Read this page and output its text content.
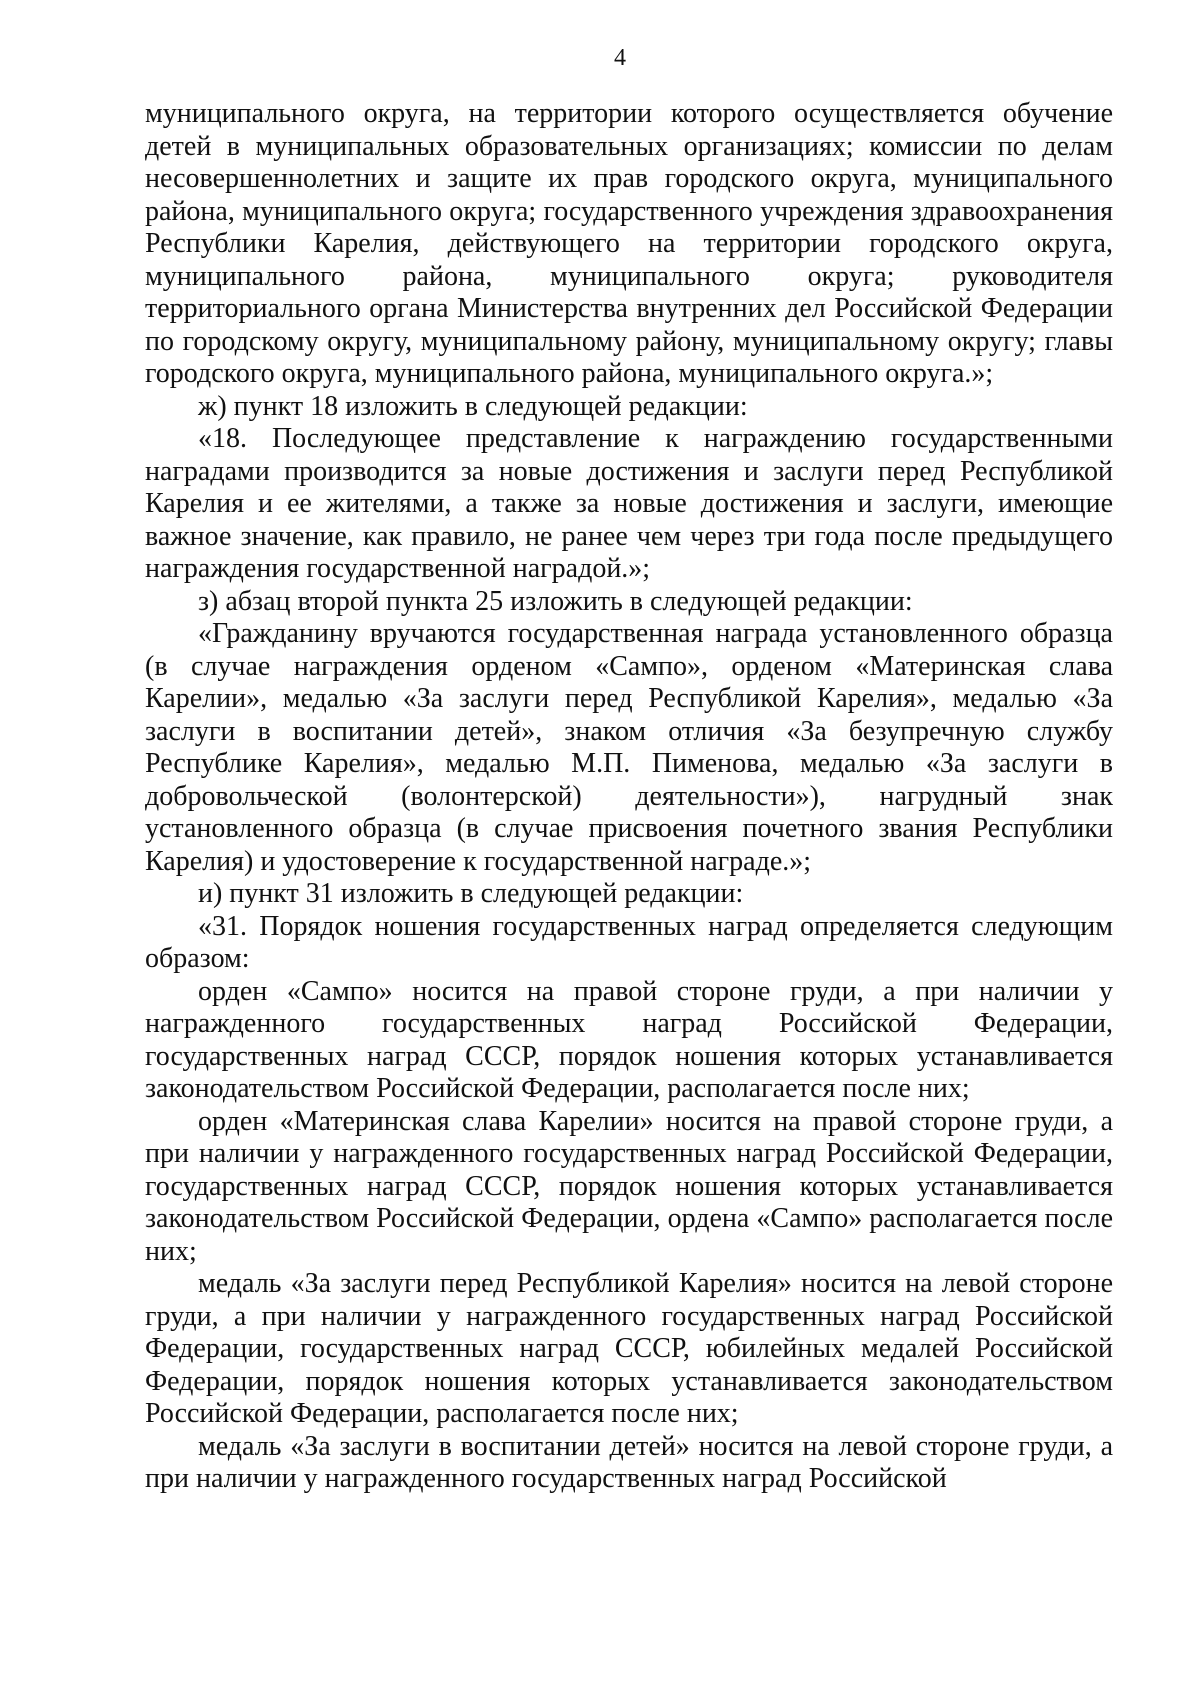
4

муниципального округа, на территории которого осуществляется обучение детей в муниципальных образовательных организациях; комиссии по делам несовершеннолетних и защите их прав городского округа, муниципального района, муниципального округа; государственного учреждения здравоохранения Республики Карелия, действующего на территории городского округа, муниципального района, муниципального округа; руководителя территориального органа Министерства внутренних дел Российской Федерации по городскому округу, муниципальному району, муниципальному округу; главы городского округа, муниципального района, муниципального округа.»;

ж) пункт 18 изложить в следующей редакции:

«18. Последующее представление к награждению государственными наградами производится за новые достижения и заслуги перед Республикой Карелия и ее жителями, а также за новые достижения и заслуги, имеющие важное значение, как правило, не ранее чем через три года после предыдущего награждения государственной наградой.»;

з) абзац второй пункта 25 изложить в следующей редакции:

«Гражданину вручаются государственная награда установленного образца (в случае награждения орденом «Сампо», орденом «Материнская слава Карелии», медалью «За заслуги перед Республикой Карелия», медалью «За заслуги в воспитании детей», знаком отличия «За безупречную службу Республике Карелия», медалью М.П. Пименова, медалью «За заслуги в добровольческой (волонтерской) деятельности»), нагрудный знак установленного образца (в случае присвоения почетного звания Республики Карелия) и удостоверение к государственной награде.»;

и) пункт 31 изложить в следующей редакции:

«31. Порядок ношения государственных наград определяется следующим образом:

орден «Сампо» носится на правой стороне груди, а при наличии у награжденного государственных наград Российской Федерации, государственных наград СССР, порядок ношения которых устанавливается законодательством Российской Федерации, располагается после них;

орден «Материнская слава Карелии» носится на правой стороне груди, а при наличии у награжденного государственных наград Российской Федерации, государственных наград СССР, порядок ношения которых устанавливается законодательством Российской Федерации, ордена «Сампо» располагается после них;

медаль «За заслуги перед Республикой Карелия» носится на левой стороне груди, а при наличии у награжденного государственных наград Российской Федерации, государственных наград СССР, юбилейных медалей Российской Федерации, порядок ношения которых устанавливается законодательством Российской Федерации, располагается после них;

медаль «За заслуги в воспитании детей» носится на левой стороне груди, а при наличии у награжденного государственных наград Российской
